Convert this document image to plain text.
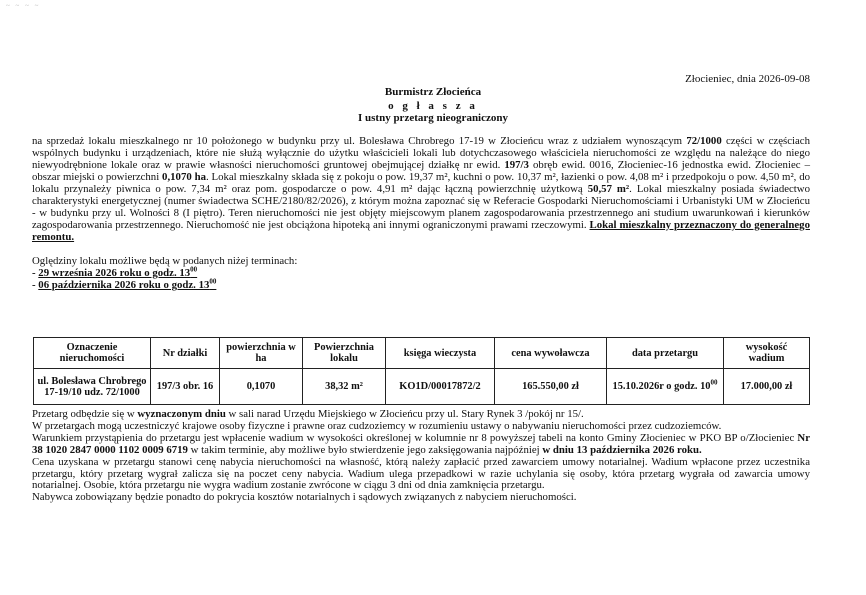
~ ~ ~ ~
Złocieniec, dnia 2026-09-08
Burmistrz Złocieńca
o g ł a s z a
I ustny przetarg nieograniczony

na sprzedaż lokalu mieszkalnego nr 10 położonego w budynku przy ul. Bolesława Chrobrego 17-19 w Złocieńcu wraz z udziałem wynoszącym 72/1000 części w częściach wspólnych budynku i urządzeniach, które nie służą wyłącznie do użytku właścicieli lokali lub dotychczasowego właściciela nieruchomości ze względu na należące do niego niewyodrębnione lokale oraz w prawie własności nieruchomości gruntowej obejmującej działkę nr ewid. 197/3 obręb ewid. 0016, Złocieniec-16 jednostka ewid. Złocieniec – obszar miejski o powierzchni 0,1070 ha. Lokal mieszkalny składa się z pokoju o pow. 19,37 m², kuchni o pow. 10,37 m², łazienki o pow. 4,08 m² i przedpokoju o pow. 4,50 m², do lokalu przynależy piwnica o pow. 7,34 m² oraz pom. gospodarcze o pow. 4,91 m² dając łączną powierzchnię użytkową 50,57 m². Lokal mieszkalny posiada świadectwo charakterystyki energetycznej (numer świadectwa SCHE/2180/82/2026), z którym można zapoznać się w Referacie Gospodarki Nieruchomościami i Urbanistyki UM w Złocieńcu - w budynku przy ul. Wolności 8 (I piętro). Teren nieruchomości nie jest objęty miejscowym planem zagospodarowania przestrzennego ani studium uwarunkowań i kierunków zagospodarowania przestrzennego. Nieruchomość nie jest obciążona hipoteką ani innymi ograniczonymi prawami rzeczowymi. Lokal mieszkalny przeznaczony do generalnego remontu.

Oględziny lokalu możliwe będą w podanych niżej terminach:
- 29 września 2026 roku o godz. $13^{00}$
- 06 października 2026 roku o godz. $13^{00}$
Oznaczenie nieruchomości	Nr działki	powierzchnia w ha	Powierzchnia lokalu	księga wieczysta	cena wywoławcza	data przetargu	wysokość wadium
ul. Bolesława Chrobrego 17-19/10 udz. 72/1000	197/3 obr. 16	0,1070	38,32 m²	KO1D/00017872/2	165.550,00 zł	15.10.2026r o godz. $10^{00}$	17.000,00 zł

Przetarg odbędzie się w wyznaczonym dniu w sali narad Urzędu Miejskiego w Złocieńcu przy ul. Stary Rynek 3 /pokój nr 15/.

W przetargach mogą uczestniczyć krajowe osoby fizyczne i prawne oraz cudzoziemcy w rozumieniu ustawy o nabywaniu nieruchomości przez cudzoziemców.

Warunkiem przystąpienia do przetargu jest wpłacenie wadium w wysokości określonej w kolumnie nr 8 powyższej tabeli na konto Gminy Złocieniec w PKO BP o/Złocieniec Nr 38 1020 2847 0000 1102 0009 6719 w takim terminie, aby możliwe było stwierdzenie jego zaksięgowania najpóźniej w dniu 13 października 2026 roku.

Cena uzyskana w przetargu stanowi cenę nabycia nieruchomości na własność, którą należy zapłacić przed zawarciem umowy notarialnej. Wadium wpłacone przez uczestnika przetargu, który przetarg wygrał zalicza się na poczet ceny nabycia. Wadium ulega przepadkowi w razie uchylania się osoby, która przetarg wygrała od zawarcia umowy notarialnej. Osobie, która przetargu nie wygra wadium zostanie zwrócone w ciągu 3 dni od dnia zamknięcia przetargu.

Nabywca zobowiązany będzie ponadto do pokrycia kosztów notarialnych i sądowych związanych z nabyciem nieruchomości.
